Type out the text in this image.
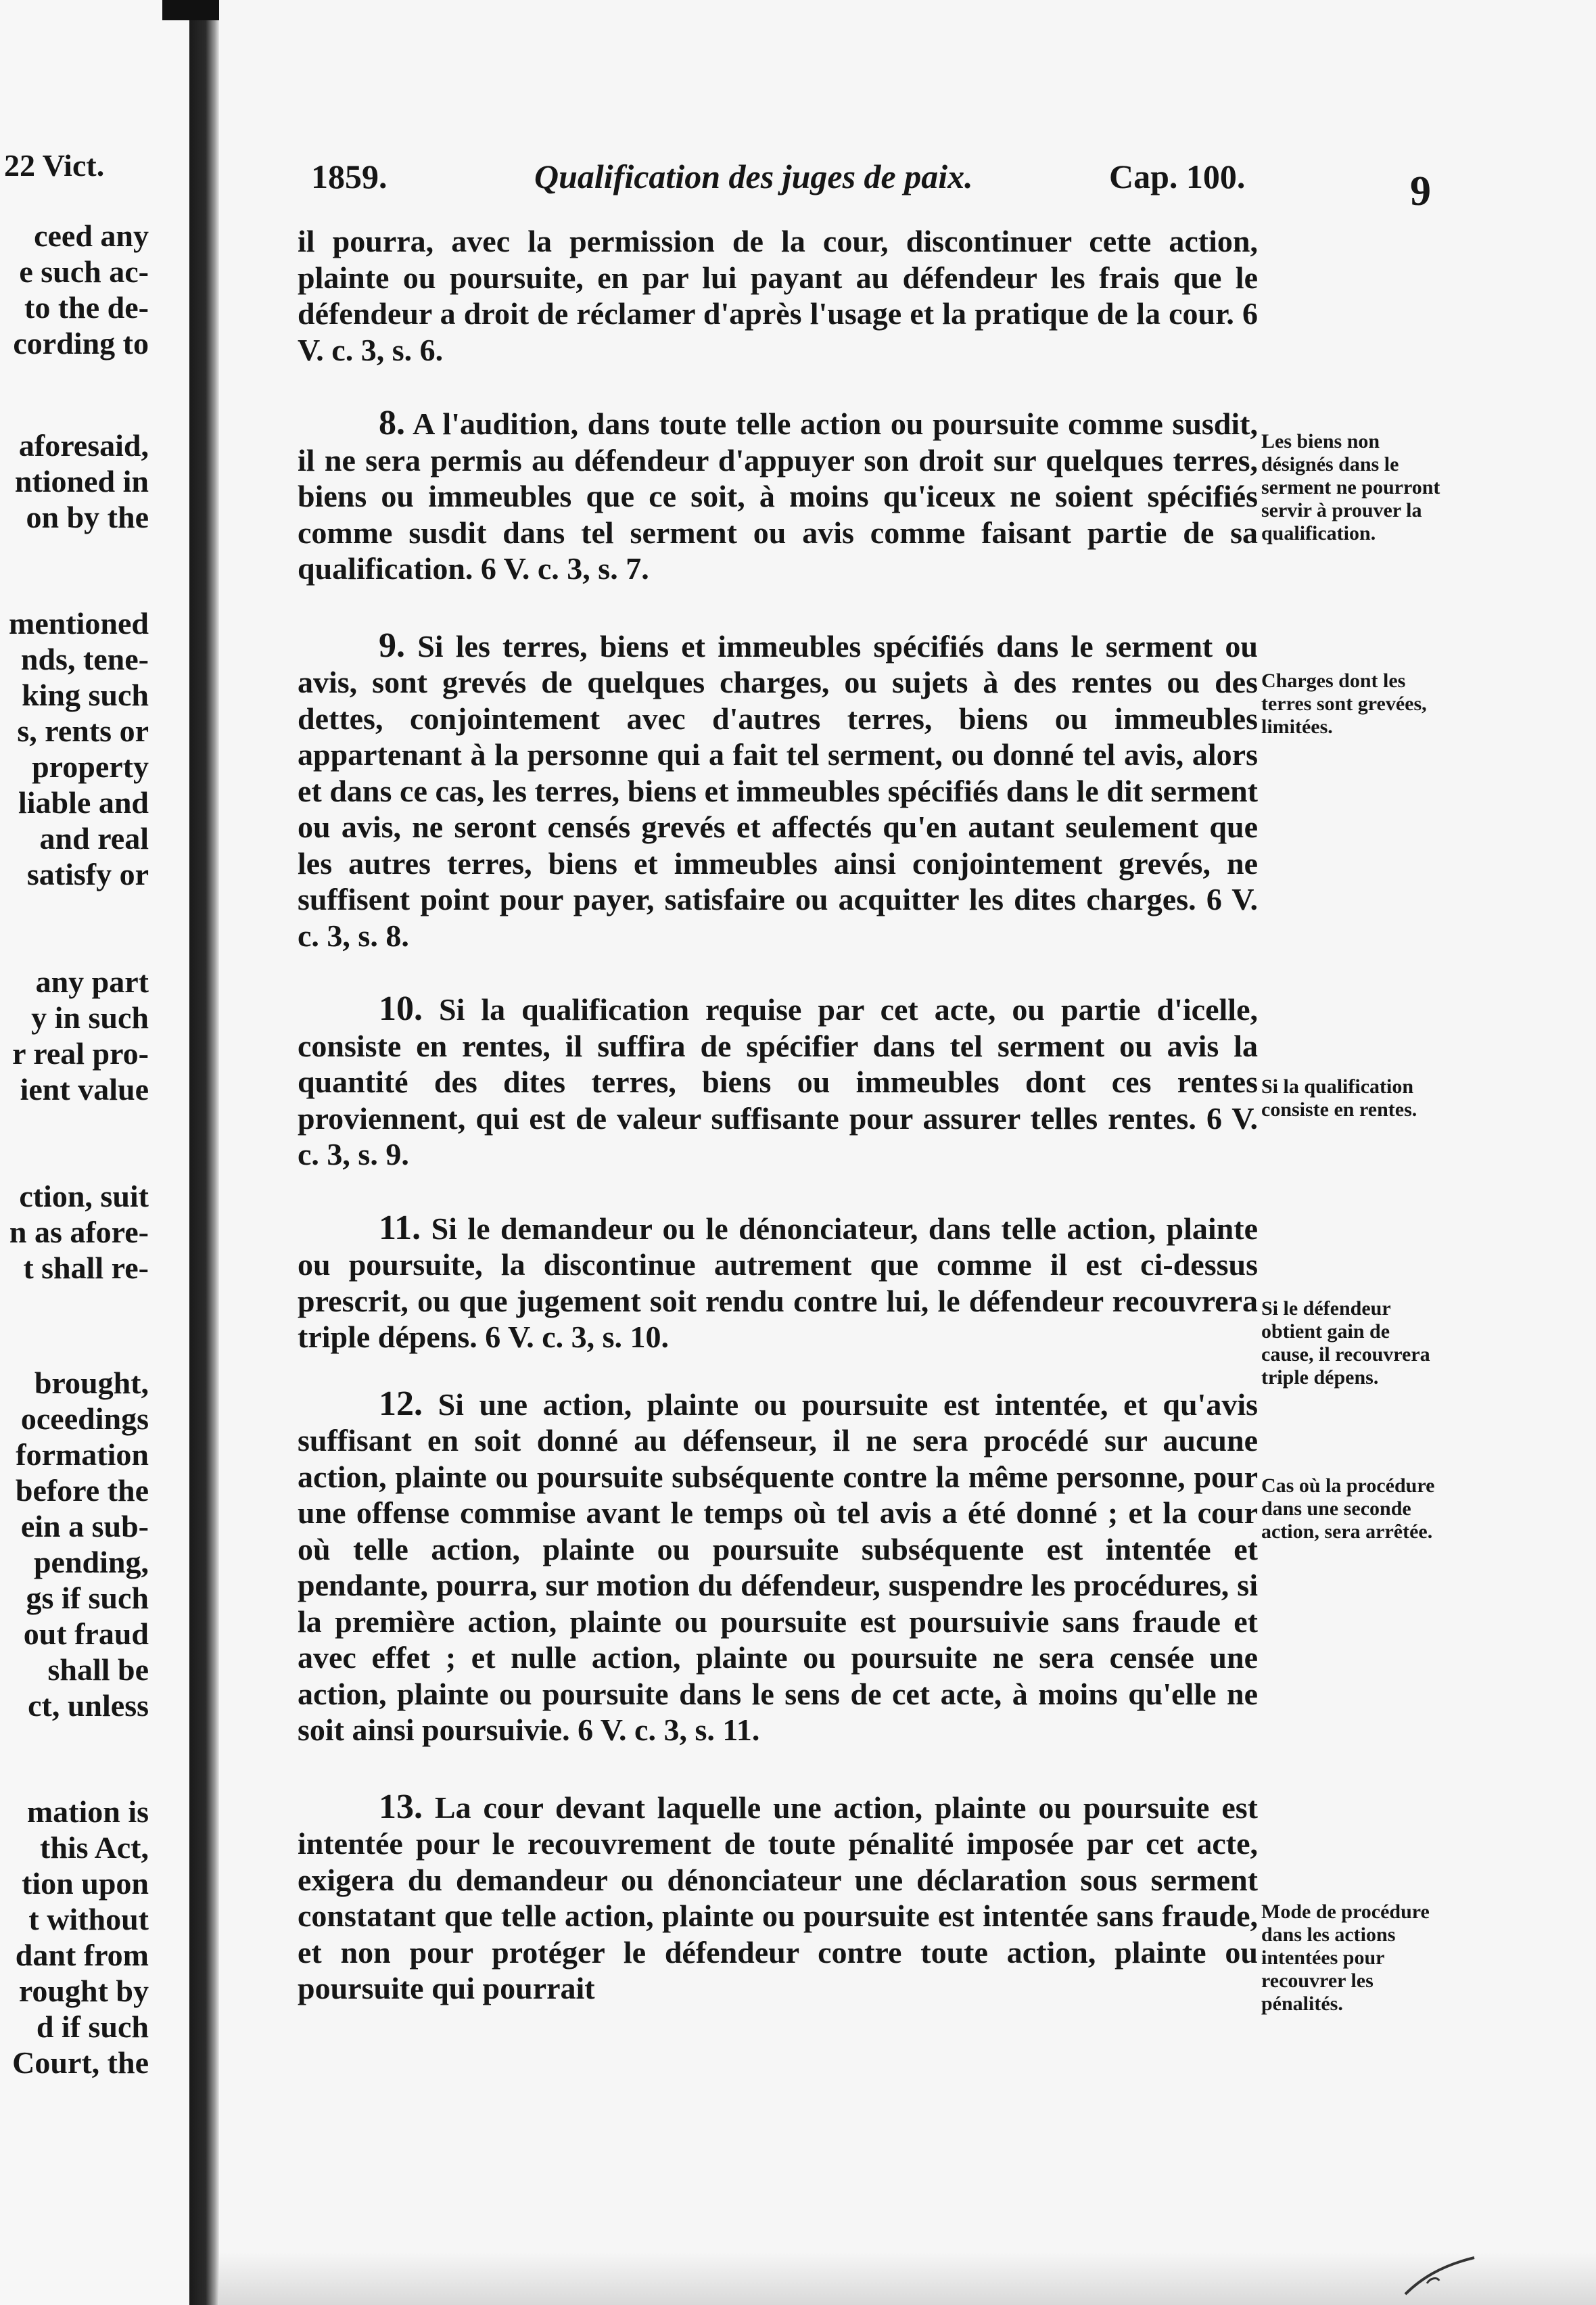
22 Vict.
ceed any
e such ac-
to the de-
cording to
aforesaid,
ntioned in
on by the
mentioned
nds, tene-
king such
s, rents or
property
liable and
and real
satisfy or
any part
y in such
r real pro-
ient value
ction, suit
n as afore-
t shall re-
brought,
oceedings
formation
before the
ein a sub-
pending,
gs if such
out fraud
shall be
ct, unless
mation is
this Act,
tion upon
t without
dant from
rought by
d if such
Court, the
1859.	Qualification des juges de paix.	Cap. 100.	9

il pourra, avec la permission de la cour, discontinuer cette action, plainte ou poursuite, en par lui payant au défendeur les frais que le défendeur a droit de réclamer d'après l'usage et la pratique de la cour. 6 V. c. 3, s. 6.

8. A l'audition, dans toute telle action ou poursuite comme susdit, il ne sera permis au défendeur d'appuyer son droit sur quelques terres, biens ou immeubles que ce soit, à moins qu'iceux ne soient spécifiés comme susdit dans tel serment ou avis comme faisant partie de sa qualification. 6 V. c. 3, s. 7.

9. Si les terres, biens et immeubles spécifiés dans le serment ou avis, sont grevés de quelques charges, ou sujets à des rentes ou des dettes, conjointement avec d'autres terres, biens ou immeubles appartenant à la personne qui a fait tel serment, ou donné tel avis, alors et dans ce cas, les terres, biens et immeubles spécifiés dans le dit serment ou avis, ne seront censés grevés et affectés qu'en autant seulement que les autres terres, biens et immeubles ainsi conjointement grevés, ne suffisent point pour payer, satisfaire ou acquitter les dites charges. 6 V. c. 3, s. 8.

10. Si la qualification requise par cet acte, ou partie d'icelle, consiste en rentes, il suffira de spécifier dans tel serment ou avis la quantité des dites terres, biens ou immeubles dont ces rentes proviennent, qui est de valeur suffisante pour assurer telles rentes. 6 V. c. 3, s. 9.

11. Si le demandeur ou le dénonciateur, dans telle action, plainte ou poursuite, la discontinue autrement que comme il est ci-dessus prescrit, ou que jugement soit rendu contre lui, le défendeur recouvrera triple dépens. 6 V. c. 3, s. 10.

12. Si une action, plainte ou poursuite est intentée, et qu'avis suffisant en soit donné au défenseur, il ne sera procédé sur aucune action, plainte ou poursuite subséquente contre la même personne, pour une offense commise avant le temps où tel avis a été donné ; et la cour où telle action, plainte ou poursuite subséquente est intentée et pendante, pourra, sur motion du défendeur, suspendre les procédures, si la première action, plainte ou poursuite est poursuivie sans fraude et avec effet ; et nulle action, plainte ou poursuite ne sera censée une action, plainte ou poursuite dans le sens de cet acte, à moins qu'elle ne soit ainsi poursuivie. 6 V. c. 3, s. 11.

13. La cour devant laquelle une action, plainte ou poursuite est intentée pour le recouvrement de toute pénalité imposée par cet acte, exigera du demandeur ou dénonciateur une déclaration sous serment constatant que telle action, plainte ou poursuite est intentée sans fraude, et non pour protéger le défendeur contre toute action, plainte ou poursuite qui pourrait

Les biens non désignés dans le serment ne pourront servir à prouver la qualification.
Charges dont les terres sont grevées, limitées.
Si la qualification consiste en rentes.
Si le défendeur obtient gain de cause, il recouvrera triple dépens.
Cas où la procédure dans une seconde action, sera arrêtée.
Mode de procédure dans les actions intentées pour recouvrer les pénalités.
